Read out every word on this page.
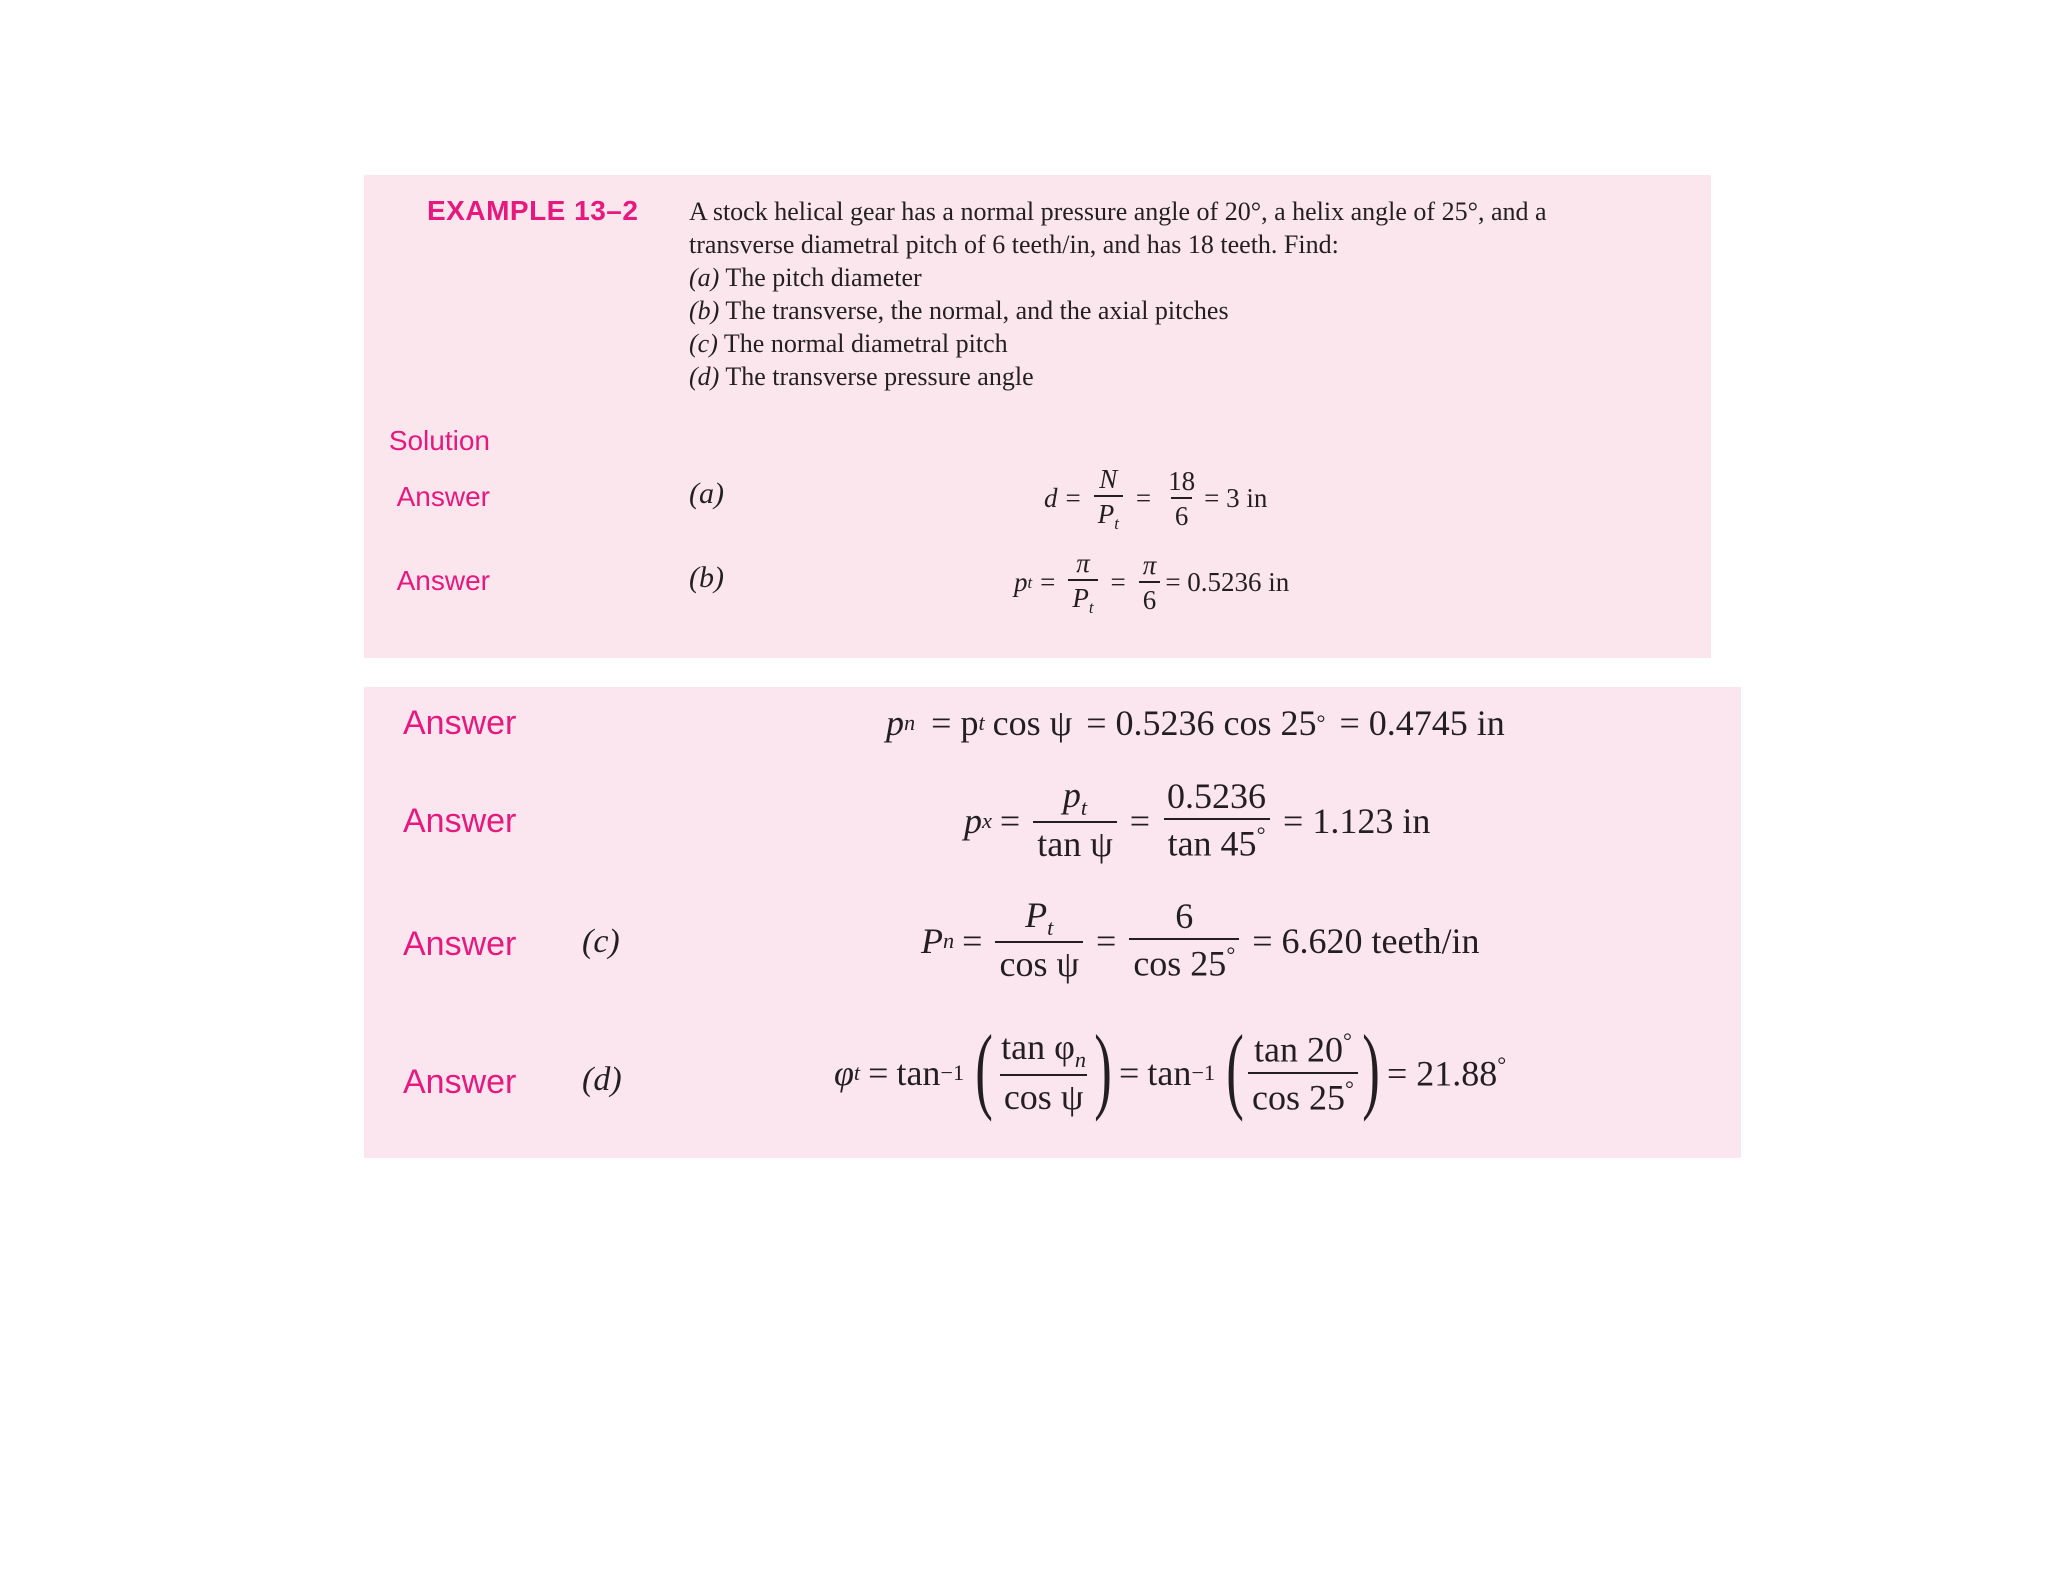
EXAMPLE 13–2 A stock helical gear has a normal pressure angle of 20°, a helix angle of 25°, and a
transverse diametral pitch of 6 teeth/in, and has 18 teeth. Find:
(a) The pitch diameter
(b) The transverse, the normal, and the axial pitches
(c) The normal diametral pitch
(d) The transverse pressure angle
Solution
Answer	(a)	$d = \frac{N}{P_t} = \frac{18}{6} = 3$ in
Answer	(b)	p $t = \frac{\pi}{P_t} = \frac{\pi}{6} = 0.5236$ in
Answer	p n = p t cos ψ = 0.5236 cos 25 ° = 0.4745 in
Answer	p $x = \frac{p_t}{\text{tan ψ}} = \frac{0.5236}{\tan 45^\circ} = 1.123$ in
Answer (c)	P $n = \frac{P_t}{\text{cos ψ}} = \frac{6}{\cos 25^\circ} = 6.620$ teeth/in
Answer (d)	φ t = tan −1 ( $\frac{\tan \varphi_n}{\text{cos ψ}}$ ) = tan −1 ( $\frac{\tan 20^\circ}{\cos 25^\circ}$ ) = 21.88°
